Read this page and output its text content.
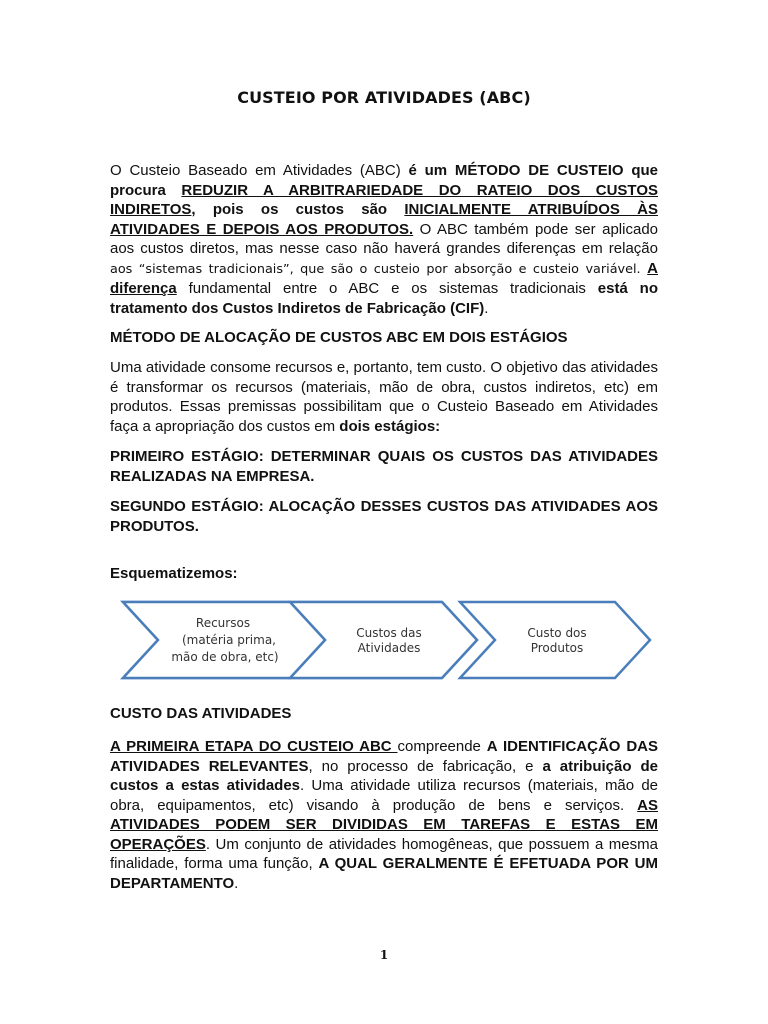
CUSTEIO POR ATIVIDADES (ABC)

O Custeio Baseado em Atividades (ABC) é um MÉTODO DE CUSTEIO que procura REDUZIR A ARBITRARIEDADE DO RATEIO DOS CUSTOS INDIRETOS, pois os custos são INICIALMENTE ATRIBUÍDOS ÀS ATIVIDADES E DEPOIS AOS PRODUTOS. O ABC também pode ser aplicado aos custos diretos, mas nesse caso não haverá grandes diferenças em relação aos “sistemas tradicionais”, que são o custeio por absorção e custeio variável. A diferença fundamental entre o ABC e os sistemas tradicionais está no tratamento dos Custos Indiretos de Fabricação (CIF).

MÉTODO DE ALOCAÇÃO DE CUSTOS ABC EM DOIS ESTÁGIOS

Uma atividade consome recursos e, portanto, tem custo. O objetivo das atividades é transformar os recursos (materiais, mão de obra, custos indiretos, etc) em produtos. Essas premissas possibilitam que o Custeio Baseado em Atividades faça a apropriação dos custos em dois estágios:

PRIMEIRO ESTÁGIO: DETERMINAR QUAIS OS CUSTOS DAS ATIVIDADES REALIZADAS NA EMPRESA.

SEGUNDO ESTÁGIO: ALOCAÇÃO DESSES CUSTOS DAS ATIVIDADES AOS PRODUTOS.

Esquematizemos:

Recursos
(matéria prima,
mão de obra, etc)
Custos das
Atividades
Custo dos
Produtos

CUSTO DAS ATIVIDADES

A PRIMEIRA ETAPA DO CUSTEIO ABC compreende A IDENTIFICAÇÃO DAS ATIVIDADES RELEVANTES, no processo de fabricação, e a atribuição de custos a estas atividades. Uma atividade utiliza recursos (materiais, mão de obra, equipamentos, etc) visando à produção de bens e serviços. AS ATIVIDADES PODEM SER DIVIDIDAS EM TAREFAS E ESTAS EM OPERAÇÕES. Um conjunto de atividades homogêneas, que possuem a mesma finalidade, forma uma função, A QUAL GERALMENTE É EFETUADA POR UM DEPARTAMENTO.

1
